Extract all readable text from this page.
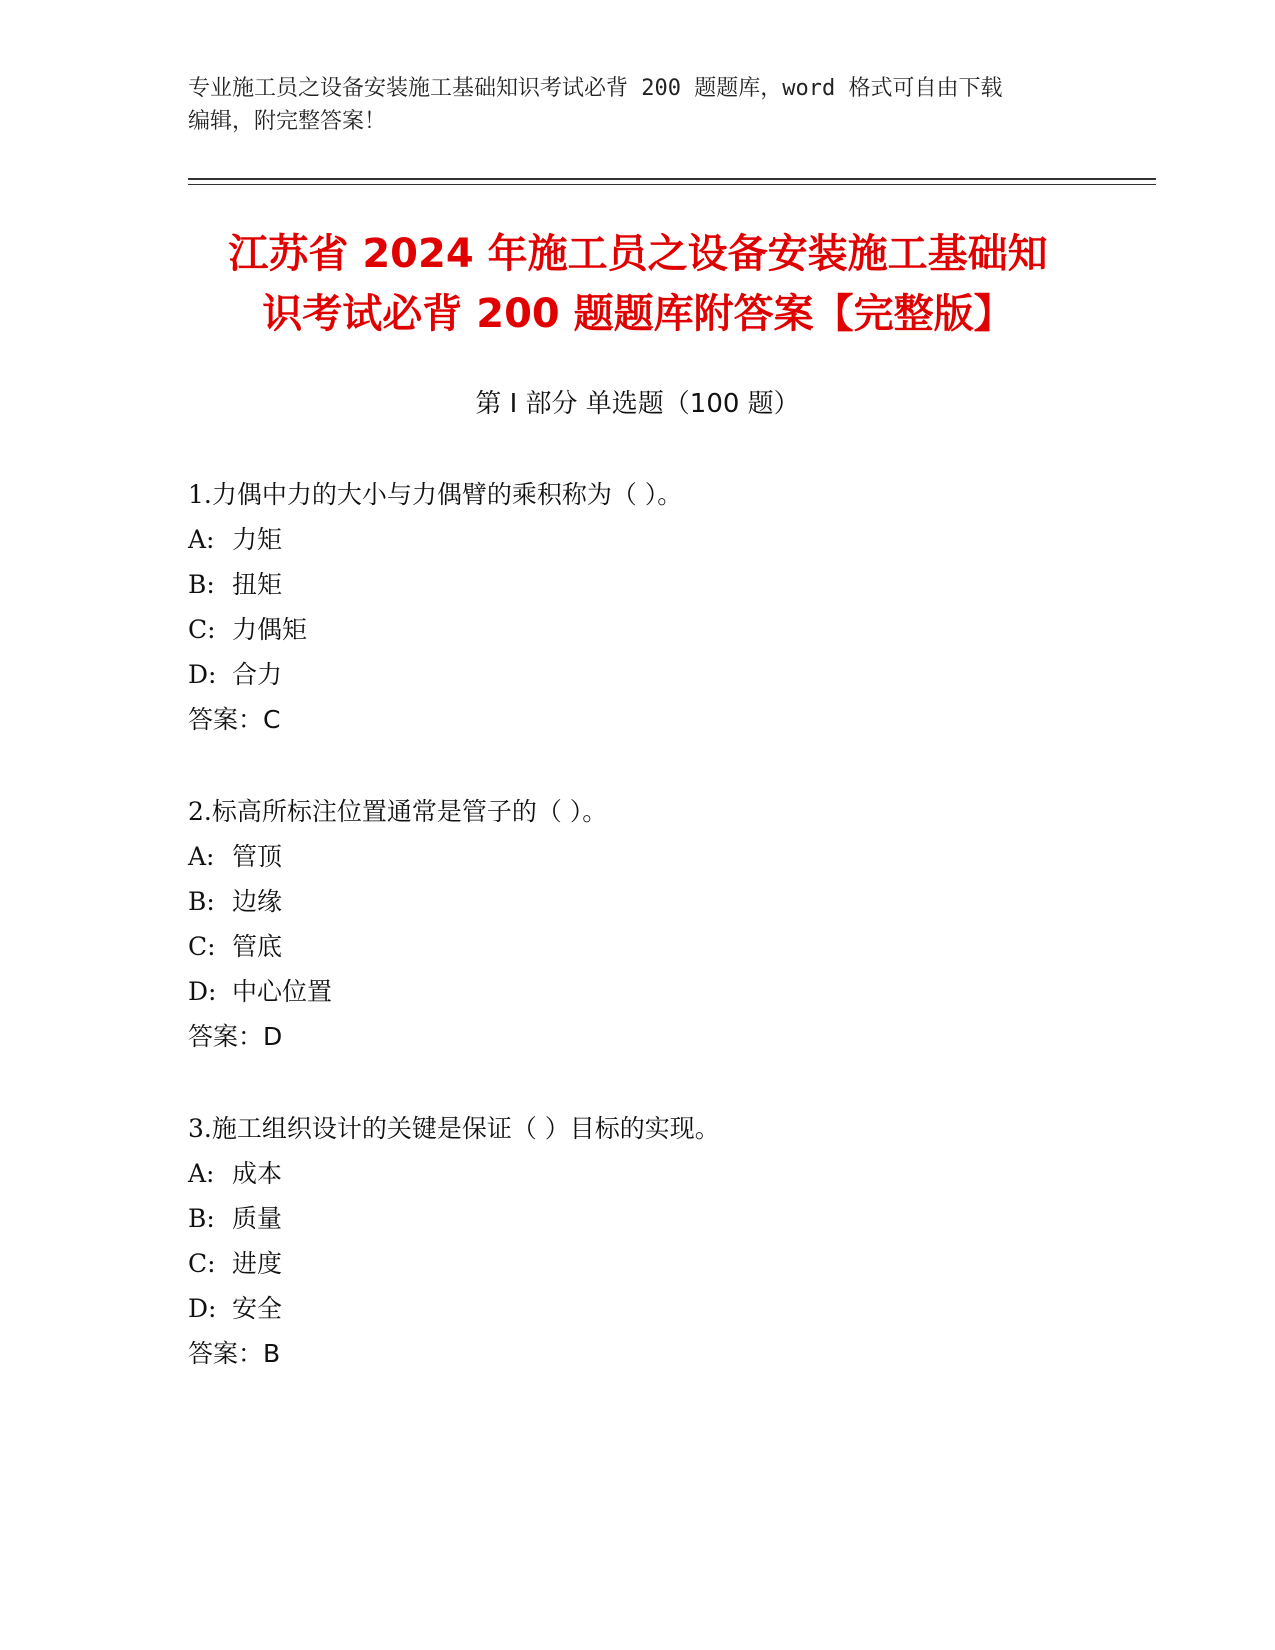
专业施工员之设备安装施工基础知识考试必背 200 题题库，word 格式可自由下载
编辑，附完整答案！
江苏省 2024 年施工员之设备安装施工基础知
识考试必背 200 题题库附答案【完整版】
第 I 部分 单选题（100 题）
1.力偶中力的大小与力偶臂的乘积称为（ ）。
A: 力矩
B: 扭矩
C: 力偶矩
D: 合力
答案：C
2.标高所标注位置通常是管子的（ ）。
A: 管顶
B: 边缘
C: 管底
D: 中心位置
答案：D
3.施工组织设计的关键是保证（ ）目标的实现。
A: 成本
B: 质量
C: 进度
D: 安全
答案：B
